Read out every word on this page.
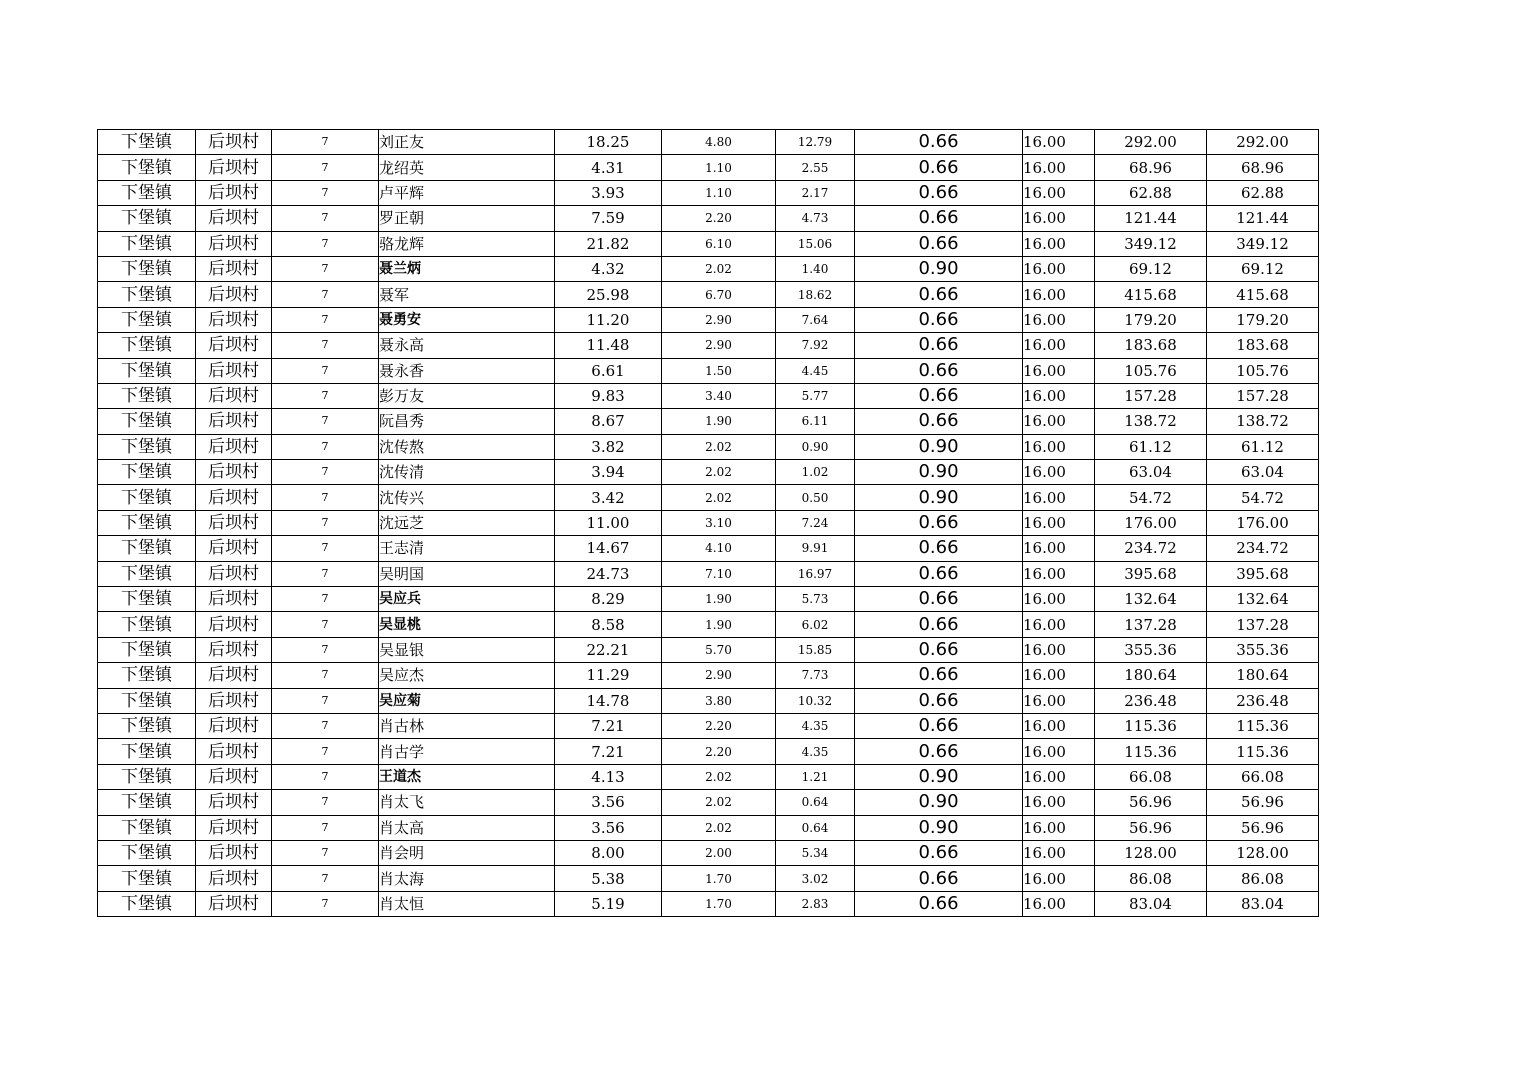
下堡镇	后坝村	7	刘正友	18.25	4.80	12.79	0.66	16.00	292.00	292.00
下堡镇	后坝村	7	龙绍英	4.31	1.10	2.55	0.66	16.00	68.96	68.96
下堡镇	后坝村	7	卢平辉	3.93	1.10	2.17	0.66	16.00	62.88	62.88
下堡镇	后坝村	7	罗正朝	7.59	2.20	4.73	0.66	16.00	121.44	121.44
下堡镇	后坝村	7	骆龙辉	21.82	6.10	15.06	0.66	16.00	349.12	349.12
下堡镇	后坝村	7	聂兰炳	4.32	2.02	1.40	0.90	16.00	69.12	69.12
下堡镇	后坝村	7	聂军	25.98	6.70	18.62	0.66	16.00	415.68	415.68
下堡镇	后坝村	7	聂勇安	11.20	2.90	7.64	0.66	16.00	179.20	179.20
下堡镇	后坝村	7	聂永高	11.48	2.90	7.92	0.66	16.00	183.68	183.68
下堡镇	后坝村	7	聂永香	6.61	1.50	4.45	0.66	16.00	105.76	105.76
下堡镇	后坝村	7	彭万友	9.83	3.40	5.77	0.66	16.00	157.28	157.28
下堡镇	后坝村	7	阮昌秀	8.67	1.90	6.11	0.66	16.00	138.72	138.72
下堡镇	后坝村	7	沈传熬	3.82	2.02	0.90	0.90	16.00	61.12	61.12
下堡镇	后坝村	7	沈传清	3.94	2.02	1.02	0.90	16.00	63.04	63.04
下堡镇	后坝村	7	沈传兴	3.42	2.02	0.50	0.90	16.00	54.72	54.72
下堡镇	后坝村	7	沈远芝	11.00	3.10	7.24	0.66	16.00	176.00	176.00
下堡镇	后坝村	7	王志清	14.67	4.10	9.91	0.66	16.00	234.72	234.72
下堡镇	后坝村	7	吴明国	24.73	7.10	16.97	0.66	16.00	395.68	395.68
下堡镇	后坝村	7	吴应兵	8.29	1.90	5.73	0.66	16.00	132.64	132.64
下堡镇	后坝村	7	吴显桃	8.58	1.90	6.02	0.66	16.00	137.28	137.28
下堡镇	后坝村	7	吴显银	22.21	5.70	15.85	0.66	16.00	355.36	355.36
下堡镇	后坝村	7	吴应杰	11.29	2.90	7.73	0.66	16.00	180.64	180.64
下堡镇	后坝村	7	吴应菊	14.78	3.80	10.32	0.66	16.00	236.48	236.48
下堡镇	后坝村	7	肖古林	7.21	2.20	4.35	0.66	16.00	115.36	115.36
下堡镇	后坝村	7	肖古学	7.21	2.20	4.35	0.66	16.00	115.36	115.36
下堡镇	后坝村	7	王道杰	4.13	2.02	1.21	0.90	16.00	66.08	66.08
下堡镇	后坝村	7	肖太飞	3.56	2.02	0.64	0.90	16.00	56.96	56.96
下堡镇	后坝村	7	肖太高	3.56	2.02	0.64	0.90	16.00	56.96	56.96
下堡镇	后坝村	7	肖会明	8.00	2.00	5.34	0.66	16.00	128.00	128.00
下堡镇	后坝村	7	肖太海	5.38	1.70	3.02	0.66	16.00	86.08	86.08
下堡镇	后坝村	7	肖太恒	5.19	1.70	2.83	0.66	16.00	83.04	83.04
